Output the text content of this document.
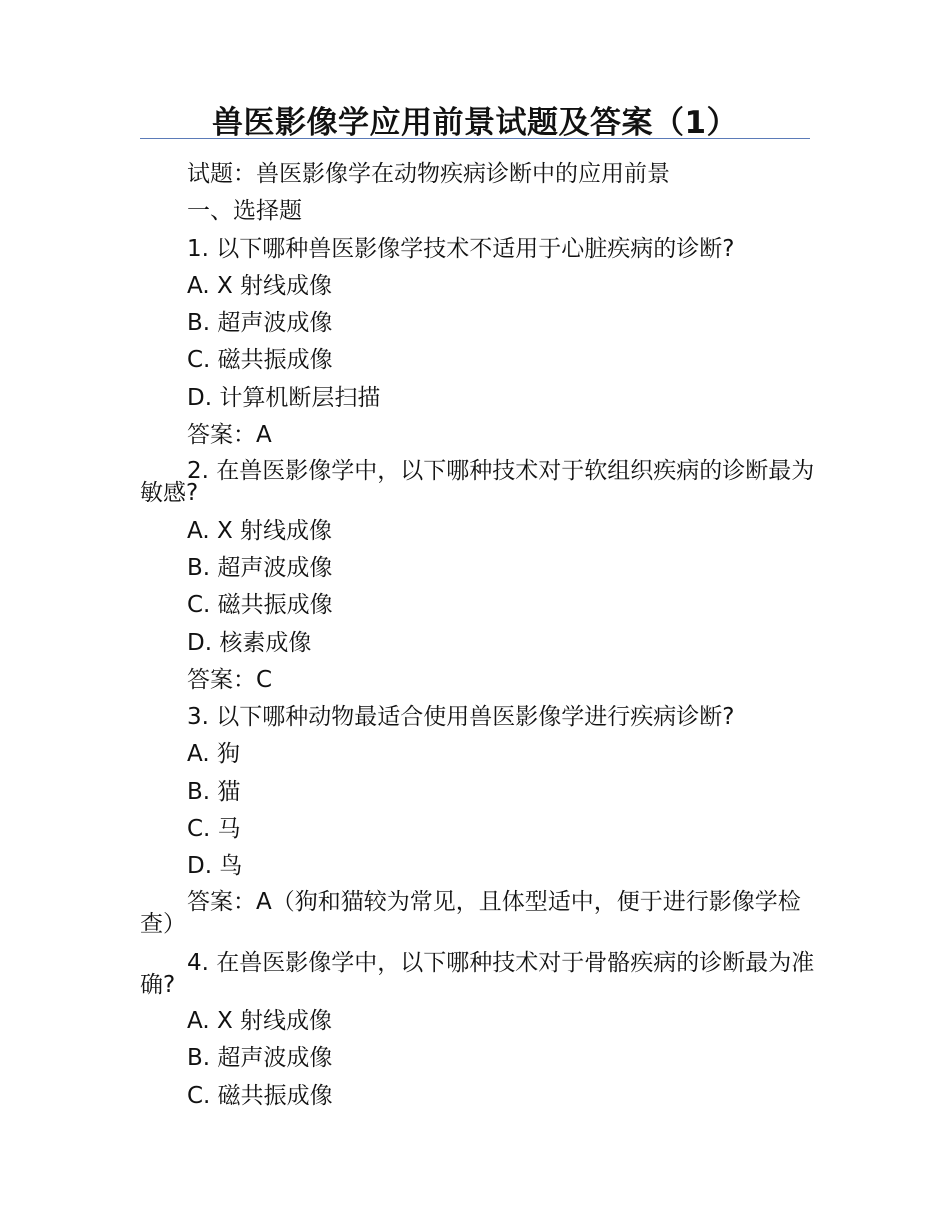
兽医影像学应用前景试题及答案（1）
试题：兽医影像学在动物疾病诊断中的应用前景
一、选择题
1. 以下哪种兽医影像学技术不适用于心脏疾病的诊断?
A. X 射线成像
B. 超声波成像
C. 磁共振成像
D. 计算机断层扫描
答案：A
2. 在兽医影像学中，以下哪种技术对于软组织疾病的诊断最为敏感?
A. X 射线成像
B. 超声波成像
C. 磁共振成像
D. 核素成像
答案：C
3. 以下哪种动物最适合使用兽医影像学进行疾病诊断?
A. 狗
B. 猫
C. 马
D. 鸟
答案：A（狗和猫较为常见，且体型适中，便于进行影像学检查）
4. 在兽医影像学中，以下哪种技术对于骨骼疾病的诊断最为准确?
A. X 射线成像
B. 超声波成像
C. 磁共振成像
